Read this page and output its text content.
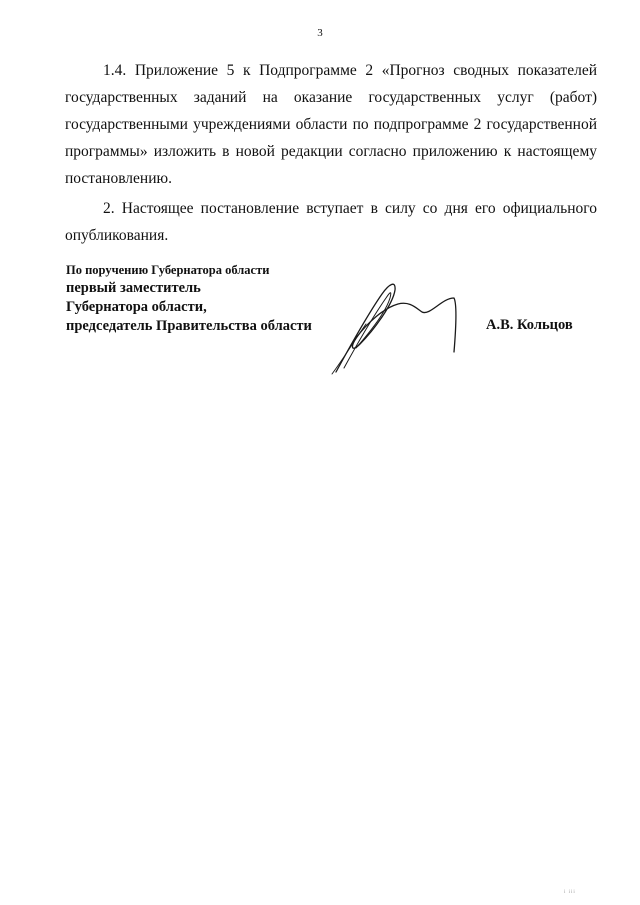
3

1.4. Приложение 5 к Подпрограмме 2 «Прогноз сводных показателей государственных заданий на оказание государственных услуг (работ) государственными учреждениями области по подпрограмме 2 государственной программы» изложить в новой редакции согласно приложению к настоящему постановлению.

2. Настоящее постановление вступает в силу со дня его официального опубликования.

По поручению Губернатора области
первый заместитель
Губернатора области,
председатель Правительства области	А.В. Кольцов
i iii
